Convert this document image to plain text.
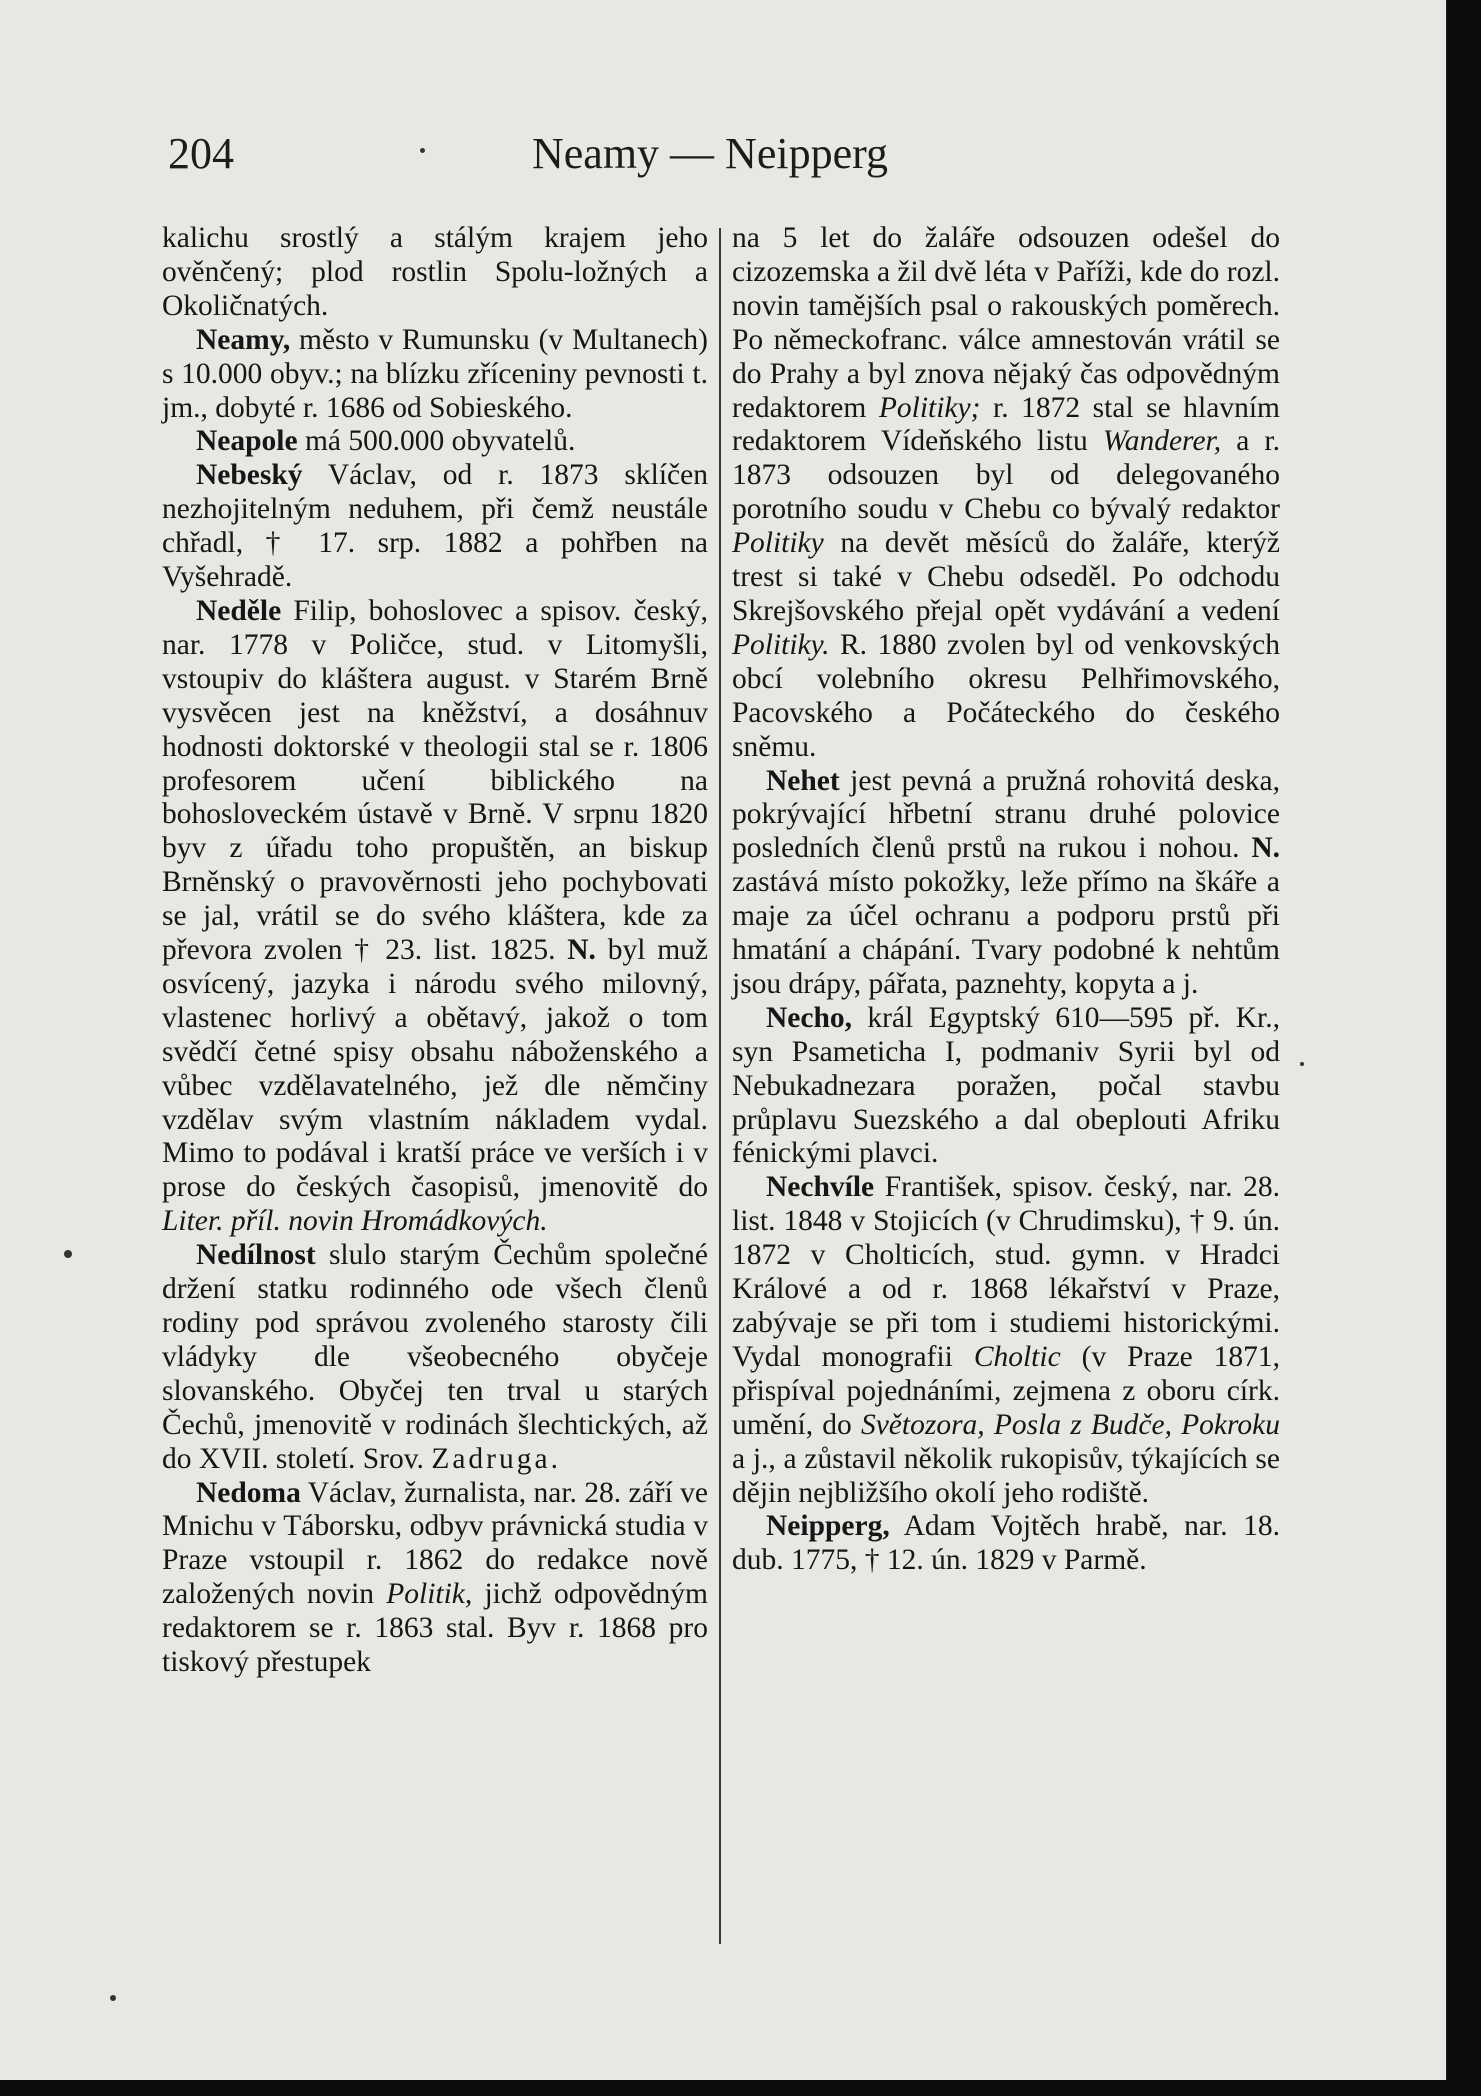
204	Neamy — Neipperg

kalichu srostlý a stálým krajem jeho ověnčený; plod rostlin Spolu-ložných a Okoličnatých.

Neamy, město v Rumunsku (v Multanech) s 10.000 obyv.; na blízku zříceniny pevnosti t. jm., dobyté r. 1686 od Sobieského.

Neapole má 500.000 obyvatelů.

Nebeský Václav, od r. 1873 sklíčen nezhojitelným neduhem, při čemž neustále chřadl, † 17. srp. 1882 a pohřben na Vyšehradě.

Neděle Filip, bohoslovec a spisov. český, nar. 1778 v Poličce, stud. v Litomyšli, vstoupiv do kláštera august. v Starém Brně vysvěcen jest na kněžství, a dosáhnuv hodnosti doktorské v theologii stal se r. 1806 profesorem učení biblického na bohosloveckém ústavě v Brně. V srpnu 1820 byv z úřadu toho propuštěn, an biskup Brněnský o pravověrnosti jeho pochybovati se jal, vrátil se do svého kláštera, kde za převora zvolen † 23. list. 1825. N. byl muž osvícený, jazyka i národu svého milovný, vlastenec horlivý a obětavý, jakož o tom svědčí četné spisy obsahu náboženského a vůbec vzdělavatelného, jež dle němčiny vzdělav svým vlastním nákladem vydal. Mimo to podával i kratší práce ve verších i v prose do českých časopisů, jmenovitě do Liter. příl. novin Hromádkových.

Nedílnost slulo starým Čechům společné držení statku rodinného ode všech členů rodiny pod správou zvoleného starosty čili vládyky dle všeobecného obyčeje slovanského. Obyčej ten trval u starých Čechů, jmenovitě v rodinách šlechtických, až do XVII. století. Srov. Zadruga.

Nedoma Václav, žurnalista, nar. 28. září ve Mnichu v Táborsku, odbyv právnická studia v Praze vstoupil r. 1862 do redakce nově založených novin Politik, jichž odpovědným redaktorem se r. 1863 stal. Byv r. 1868 pro tiskový přestupek

na 5 let do žaláře odsouzen odešel do cizozemska a žil dvě léta v Paříži, kde do rozl. novin tamějších psal o rakouských poměrech. Po německofranc. válce amnestován vrátil se do Prahy a byl znova nějaký čas odpovědným redaktorem Politiky; r. 1872 stal se hlavním redaktorem Vídeňského listu Wanderer, a r. 1873 odsouzen byl od delegovaného porotního soudu v Chebu co bývalý redaktor Politiky na devět měsíců do žaláře, kterýž trest si také v Chebu odseděl. Po odchodu Skrejšovského přejal opět vydávání a vedení Politiky. R. 1880 zvolen byl od venkovských obcí volebního okresu Pelhřimovského, Pacovského a Počáteckého do českého sněmu.

Nehet jest pevná a pružná rohovitá deska, pokrývající hřbetní stranu druhé polovice posledních členů prstů na rukou i nohou. N. zastává místo pokožky, leže přímo na škáře a maje za účel ochranu a podporu prstů při hmatání a chápání. Tvary podobné k nehtům jsou drápy, pářata, paznehty, kopyta a j.

Necho, král Egyptský 610—595 př. Kr., syn Psameticha I, podmaniv Syrii byl od Nebukadnezara poražen, počal stavbu průplavu Suezského a dal obeplouti Afriku fénickými plavci.

Nechvíle František, spisov. český, nar. 28. list. 1848 v Stojicích (v Chrudimsku), † 9. ún. 1872 v Cholticích, stud. gymn. v Hradci Králové a od r. 1868 lékařství v Praze, zabývaje se při tom i studiemi historickými. Vydal monografii Choltic (v Praze 1871, přispíval pojednáními, zejmena z oboru círk. umění, do Světozora, Posla z Budče, Pokroku a j., a zůstavil několik rukopisův, týkajících se dějin nejbližšího okolí jeho rodiště.

Neipperg, Adam Vojtěch hrabě, nar. 18. dub. 1775, † 12. ún. 1829 v Parmě.
